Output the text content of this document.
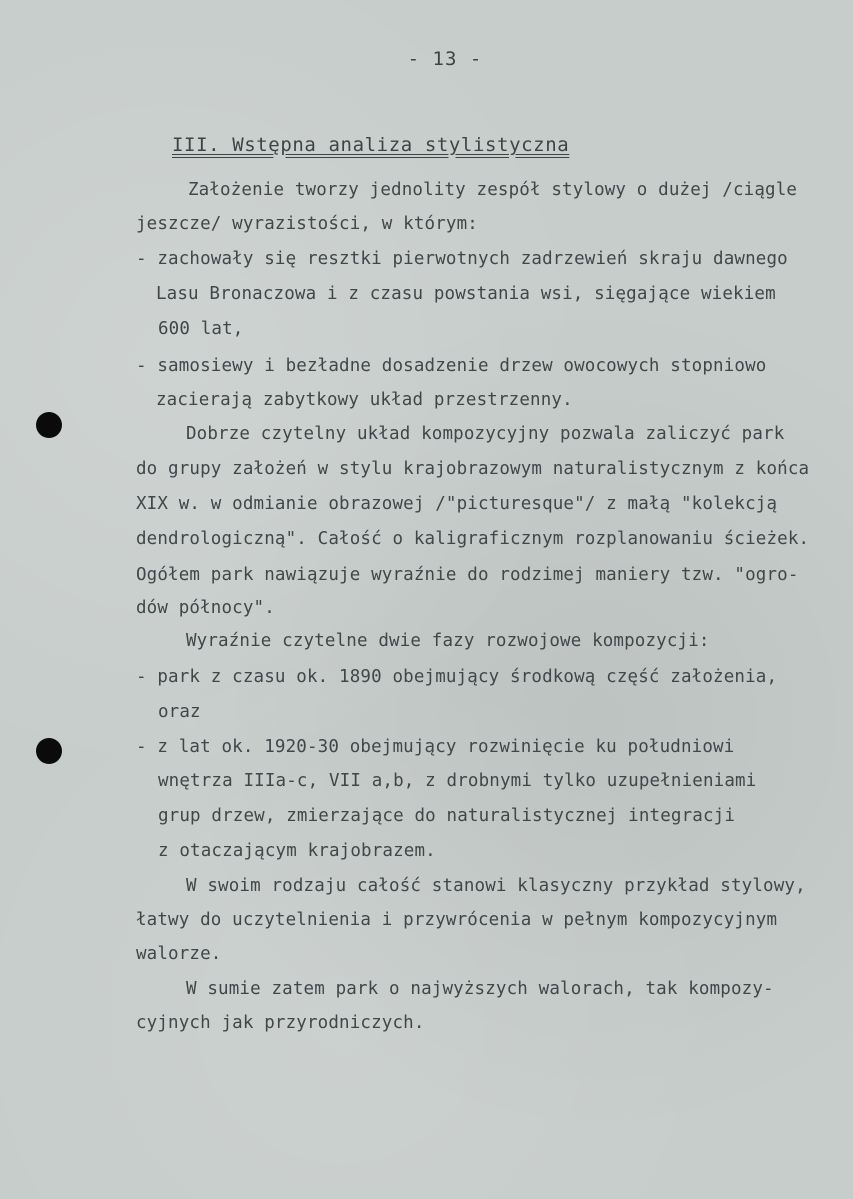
- 13 -
III. Wstępna analiza stylistyczna
Założenie tworzy jednolity zespół stylowy o dużej /ciągle
jeszcze/ wyrazistości, w którym:
- zachowały się resztki pierwotnych zadrzewień skraju dawnego
Lasu Bronaczowa i z czasu powstania wsi, sięgające wiekiem
600 lat,
- samosiewy i bezładne dosadzenie drzew owocowych stopniowo
zacierają zabytkowy układ przestrzenny.
Dobrze czytelny układ kompozycyjny pozwala zaliczyć park
do grupy założeń w stylu krajobrazowym naturalistycznym z końca
XIX w. w odmianie obrazowej /"picturesque"/ z małą "kolekcją
dendrologiczną". Całość o kaligraficznym rozplanowaniu ścieżek.
Ogółem park nawiązuje wyraźnie do rodzimej maniery tzw. "ogro-
dów północy".
Wyraźnie czytelne dwie fazy rozwojowe kompozycji:
- park z czasu ok. 1890 obejmujący środkową część założenia,
oraz
- z lat ok. 1920-30 obejmujący rozwinięcie ku południowi
wnętrza IIIa-c, VII a,b, z drobnymi tylko uzupełnieniami
grup drzew, zmierzające do naturalistycznej integracji
z otaczającym krajobrazem.
W swoim rodzaju całość stanowi klasyczny przykład stylowy,
łatwy do uczytelnienia i przywrócenia w pełnym kompozycyjnym
walorze.
W sumie zatem park o najwyższych walorach, tak kompozy-
cyjnych jak przyrodniczych.
